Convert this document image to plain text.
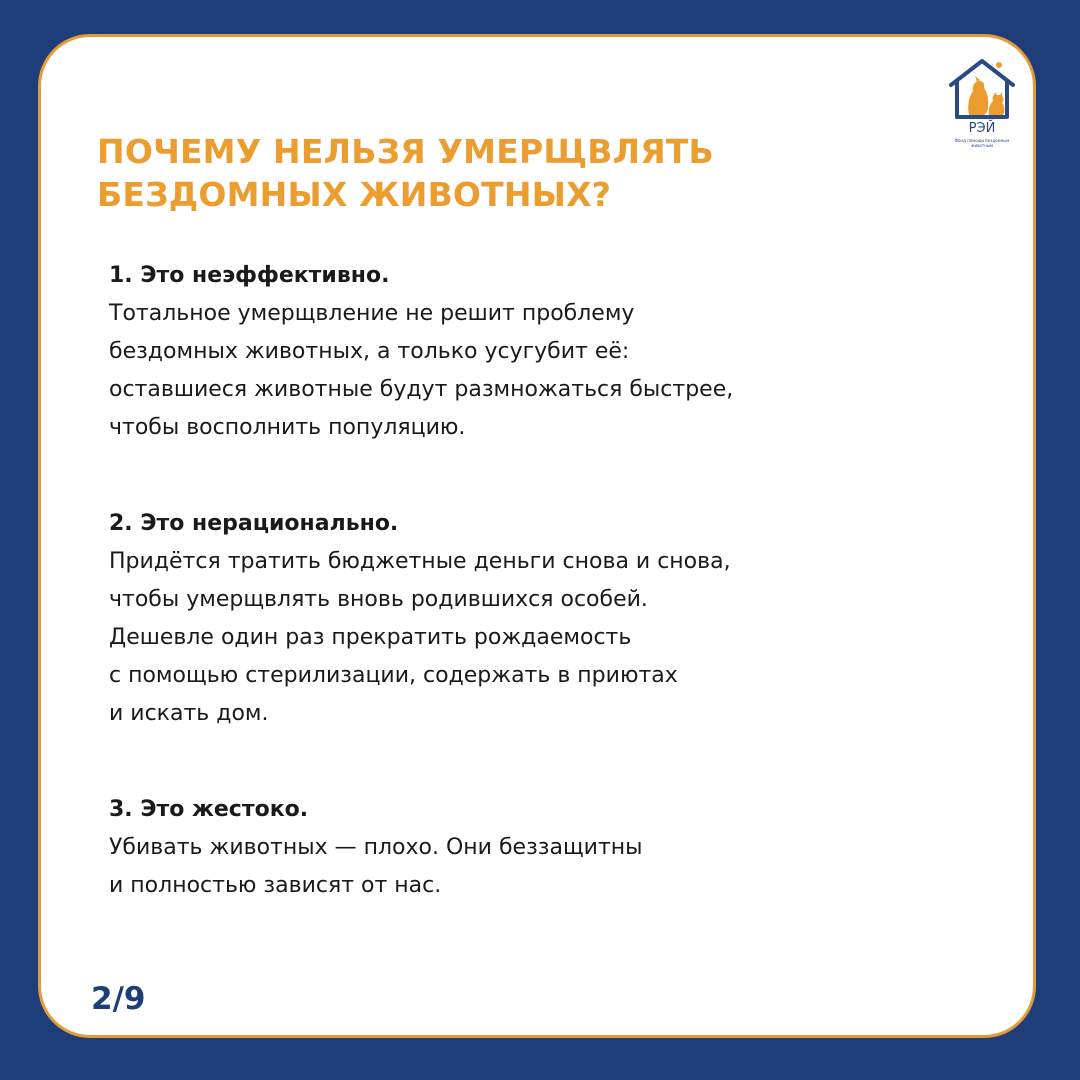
РЭЙ
Фонд помощи бездомным животным
ПОЧЕМУ НЕЛЬЗЯ УМЕРЩВЛЯТЬ
БЕЗДОМНЫХ ЖИВОТНЫХ?
1. Это неэффективно.
Тотальное умерщвление не решит проблему
бездомных животных, а только усугубит её:
оставшиеся животные будут размножаться быстрее,
чтобы восполнить популяцию.
2. Это нерационально.
Придётся тратить бюджетные деньги снова и снова,
чтобы умерщвлять вновь родившихся особей.
Дешевле один раз прекратить рождаемость
с помощью стерилизации, содержать в приютах
и искать дом.
3. Это жестоко.
Убивать животных — плохо. Они беззащитны
и полностью зависят от нас.
2/9
